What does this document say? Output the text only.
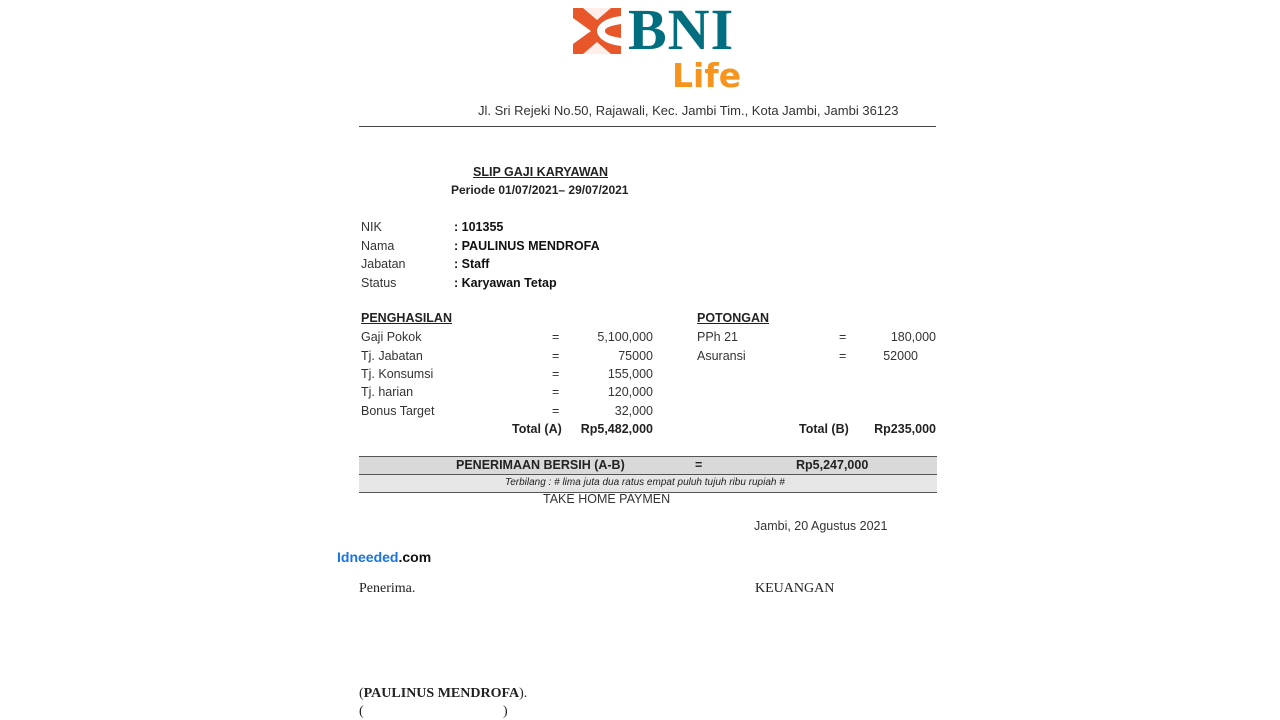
BNI
Life
Jl. Sri Rejeki No.50, Rajawali, Kec. Jambi Tim., Kota Jambi, Jambi 36123
SLIP GAJI KARYAWAN
Periode 01/07/2021– 29/07/2021
NIK	: 101355
Nama	: PAULINUS MENDROFA
Jabatan	: Staff
Status	: Karyawan Tetap
PENGHASILAN
Gaji Pokok	=	5,100,000
Tj. Jabatan	=	75000
Tj. Konsumsi	=	155,000
Tj. harian	=	120,000
Bonus Target	=	32,000
Total (A)	Rp5,482,000
POTONGAN
PPh 21	=	180,000
Asuransi	=	52000
Total (B)	Rp235,000
PENERIMAAN BERSIH (A-B)	=	Rp5,247,000
Terbilang : # lima juta dua ratus empat puluh tujuh ribu rupiah #
TAKE HOME PAYMEN
Jambi, 20 Agustus 2021
Idneeded.com
Penerima.	KEUANGAN
(PAULINUS MENDROFA).
(	)
